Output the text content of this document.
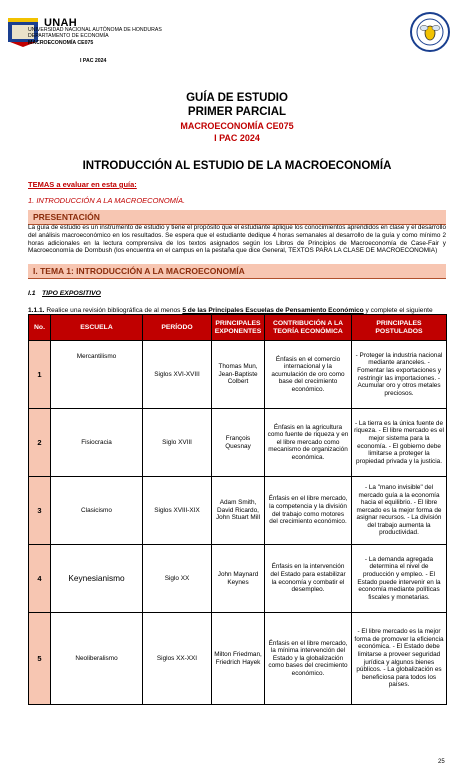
UNAH
UNIVERSIDAD NACIONAL AUTÓNOMA DE HONDURAS
DEPARTAMENTO DE ECONOMÍA
MACROECONOMÍA CE075
I PAC 2024
GUÍA DE ESTUDIO
PRIMER PARCIAL
MACROECONOMÍA CE075
I PAC 2024
INTRODUCCIÓN AL ESTUDIO DE LA MACROECONOMÍA
TEMAS a evaluar en esta guía:
1. INTRODUCCIÓN A LA MACROECONOMÍA.
PRESENTACIÓN
La guía de estudio es un instrumento de estudio y tiene el propósito que el estudiante aplique los conocimientos aprendidos en clase y el desarrollo del análisis macroeconómico en los resultados. Se espera que el estudiante dedique 4 horas semanales al desarrollo de la guía y como mínimo 2 horas adicionales en la lectura comprensiva de los textos asignados según los Libros de Principios de Macroeconomía de Case-Fair y Macroeconomía de Dornbush (los encuentra en el campus en la pestaña que dice General, TEXTOS PARA LA CLASE DE MACROECONOMIA)
I. TEMA 1: INTRODUCCIÓN A LA MACROECONOMÍA
I.1 TIPO EXPOSITIVO
1.1.1. Realice una revisión bibliográfica de al menos 5 de las Principales Escuelas de Pensamiento Económico y complete el siguiente
No.	ESCUELA	PERÍODO	PRINCIPALES EXPONENTES	CONTRIBUCIÓN A LA TEORÍA ECONÓMICA	PRINCIPALES POSTULADOS
1	Mercantilismo	Siglos XVI-XVIII	Thomas Mun, Jean-Baptiste Colbert	Énfasis en el comercio internacional y la acumulación de oro como base del crecimiento económico.	- Proteger la industria nacional mediante aranceles. - Fomentar las exportaciones y restringir las importaciones. - Acumular oro y otros metales preciosos.
2	Fisiocracia	Siglo XVIII	François Quesnay	Énfasis en la agricultura como fuente de riqueza y en el libre mercado como mecanismo de organización económica.	- La tierra es la única fuente de riqueza. - El libre mercado es el mejor sistema para la economía. - El gobierno debe limitarse a proteger la propiedad privada y la justicia.
3	Clasicismo	Siglos XVIII-XIX	Adam Smith, David Ricardo, John Stuart Mill	Énfasis en el libre mercado, la competencia y la división del trabajo como motores del crecimiento económico.	- La "mano invisible" del mercado guía a la economía hacia el equilibrio. - El libre mercado es la mejor forma de asignar recursos. - La división del trabajo aumenta la productividad.
4	Keynesianismo	Siglo XX	John Maynard Keynes	Énfasis en la intervención del Estado para estabilizar la economía y combatir el desempleo.	- La demanda agregada determina el nivel de producción y empleo. - El Estado puede intervenir en la economía mediante políticas fiscales y monetarias.
5	Neoliberalismo	Siglos XX-XXI	Milton Friedman, Friedrich Hayek	Énfasis en el libre mercado, la mínima intervención del Estado y la globalización como bases del crecimiento económico.	- El libre mercado es la mejor forma de promover la eficiencia económica. - El Estado debe limitarse a proveer seguridad jurídica y algunos bienes públicos. - La globalización es beneficiosa para todos los países.
25
